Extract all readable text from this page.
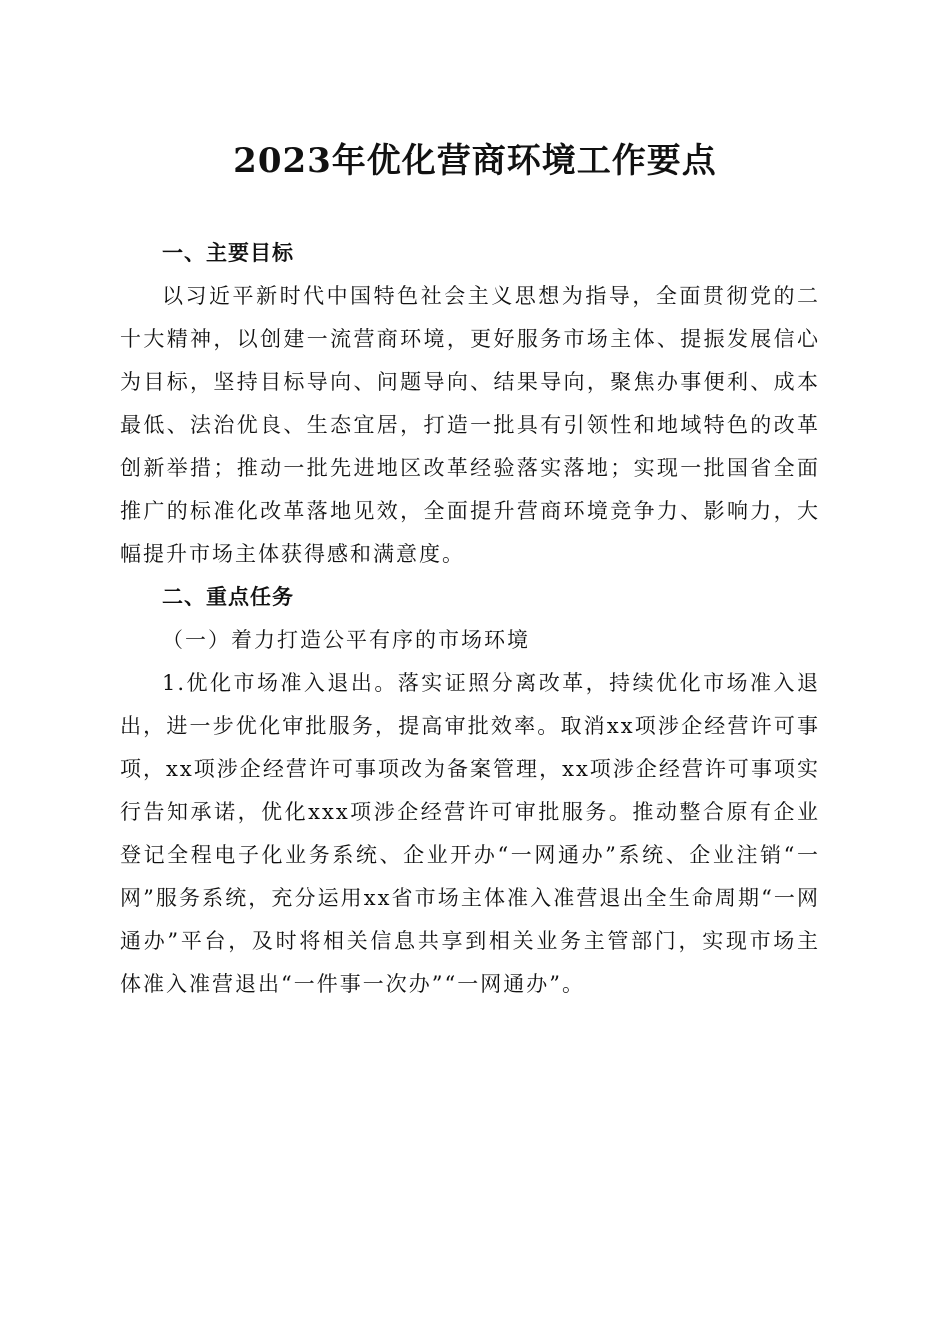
2023年优化营商环境工作要点

一、主要目标

以习近平新时代中国特色社会主义思想为指导，全面贯彻党的二十大精神，以创建一流营商环境，更好服务市场主体、提振发展信心为目标，坚持目标导向、问题导向、结果导向，聚焦办事便利、成本最低、法治优良、生态宜居，打造一批具有引领性和地域特色的改革创新举措；推动一批先进地区改革经验落实落地；实现一批国省全面推广的标准化改革落地见效，全面提升营商环境竞争力、影响力，大幅提升市场主体获得感和满意度。

二、重点任务

（一）着力打造公平有序的市场环境

1.优化市场准入退出。落实证照分离改革，持续优化市场准入退出，进一步优化审批服务，提高审批效率。取消xx项涉企经营许可事项，xx项涉企经营许可事项改为备案管理，xx项涉企经营许可事项实行告知承诺，优化xxx项涉企经营许可审批服务。推动整合原有企业登记全程电子化业务系统、企业开办“一网通办”系统、企业注销“一网”服务系统，充分运用xx省市场主体准入准营退出全生命周期“一网通办”平台，及时将相关信息共享到相关业务主管部门，实现市场主体准入准营退出“一件事一次办”“一网通办”。
